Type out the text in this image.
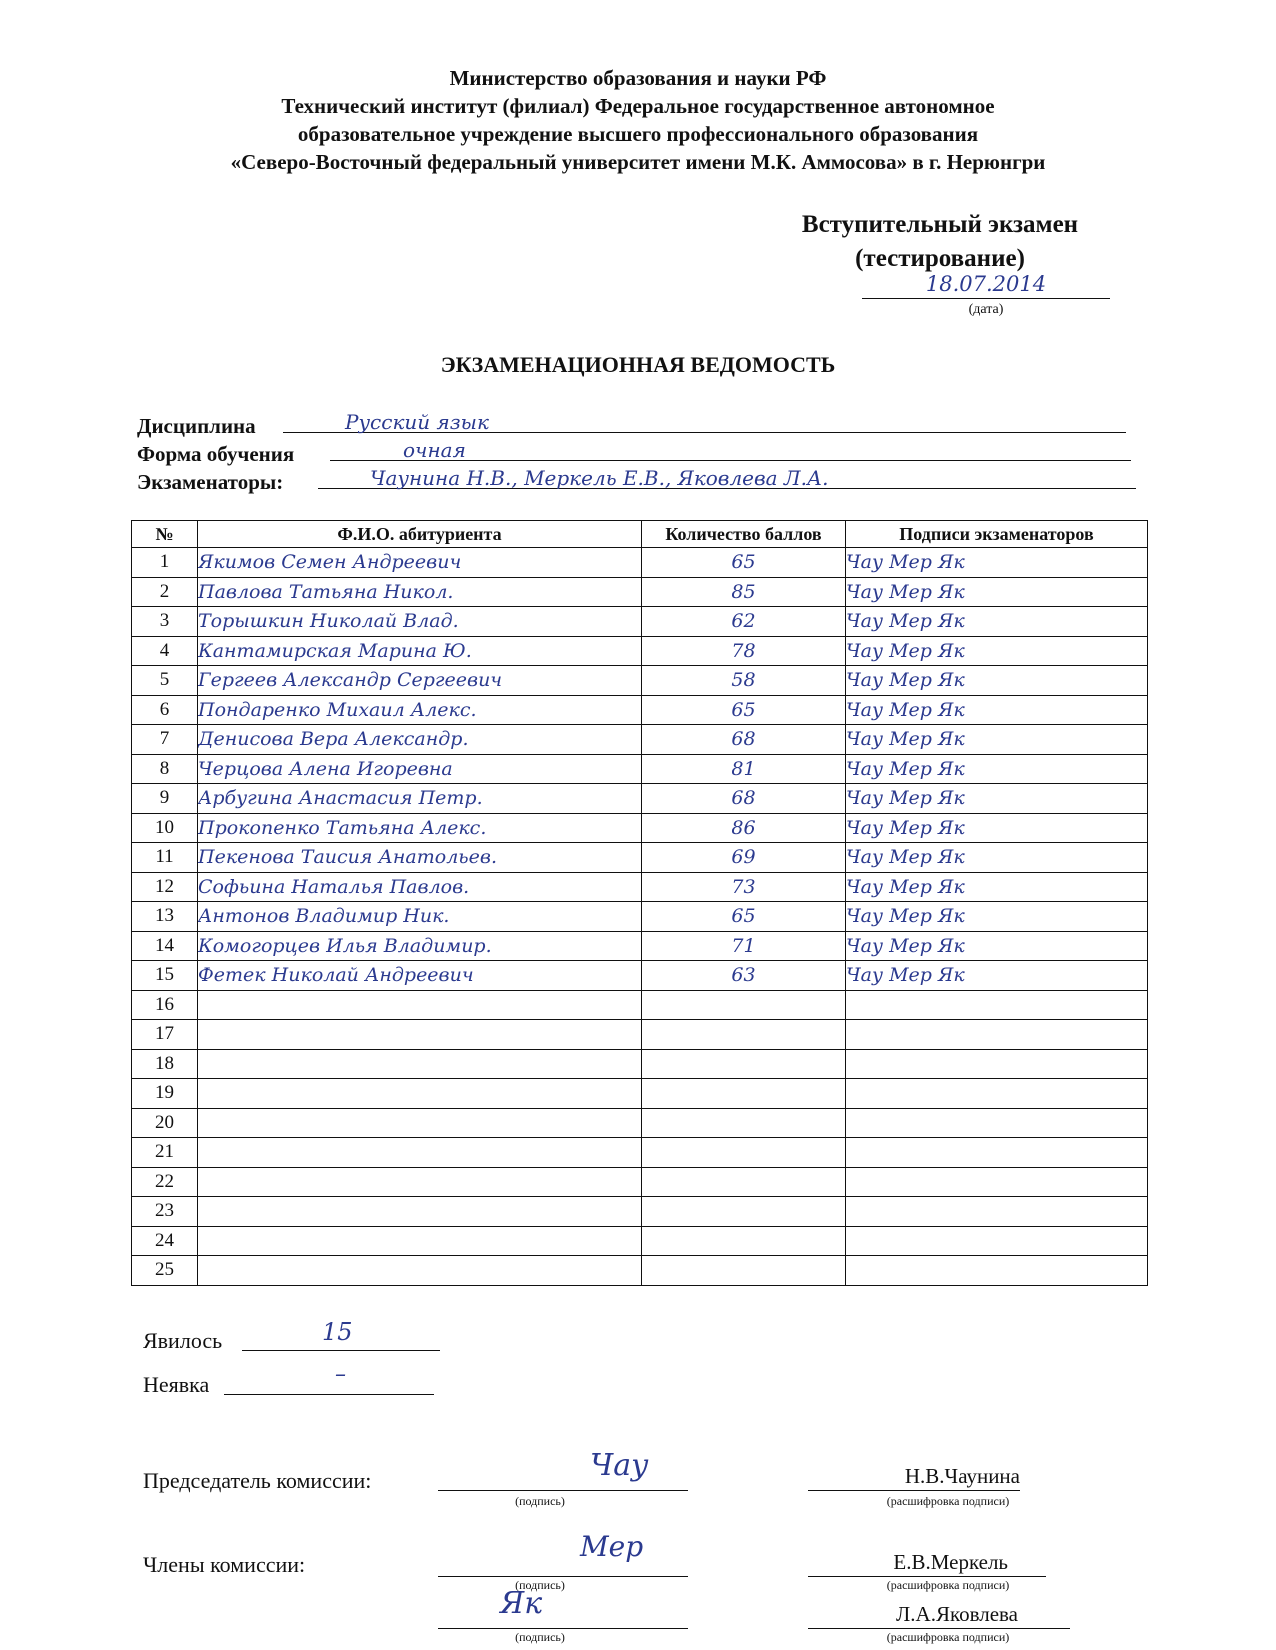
Министерство образования и науки РФ
Технический институт (филиал) Федеральное государственное автономное
образовательное учреждение высшего профессионального образования
«Северо-Восточный федеральный университет имени М.К. Аммосова» в г. Нерюнгри
Вступительный экзамен
(тестирование)
18.07.2014
(дата)
ЭКЗАМЕНАЦИОННАЯ ВЕДОМОСТЬ
Дисциплина	Русский язык
Форма обучения	очная
Экзаменаторы:	Чаунина Н.В., Меркель Е.В., Яковлева Л.А.
№	Ф.И.О. абитуриента	Количество баллов	Подписи экзаменаторов
1	Якимов Семен Андреевич	65	Чау Мер Як
2	Павлова Татьяна Никол.	85	Чау Мер Як
3	Торышкин Николай Влад.	62	Чау Мер Як
4	Кантамирская Марина Ю.	78	Чау Мер Як
5	Гергеев Александр Сергеевич	58	Чау Мер Як
6	Пондаренко Михаил Алекс.	65	Чау Мер Як
7	Денисова Вера Александр.	68	Чау Мер Як
8	Черцова Алена Игоревна	81	Чау Мер Як
9	Арбугина Анастасия Петр.	68	Чау Мер Як
10	Прокопенко Татьяна Алекс.	86	Чау Мер Як
11	Пекенова Таисия Анатольев.	69	Чау Мер Як
12	Софьина Наталья Павлов.	73	Чау Мер Як
13	Антонов Владимир Ник.	65	Чау Мер Як
14	Комогорцев Илья Владимир.	71	Чау Мер Як
15	Фетек Николай Андреевич	63	Чау Мер Як
16			
17			
18			
19			
20			
21			
22			
23			
24			
25			
Явилось	15
Неявка	–
Председатель комиссии:	Чау
(подпись)
Н.В.Чаунина
(расшифровка подписи)
Члены комиссии:
Мер
(подпись)
Е.В.Меркель
(расшифровка подписи)
Як
(подпись)
Л.А.Яковлева
(расшифровка подписи)
